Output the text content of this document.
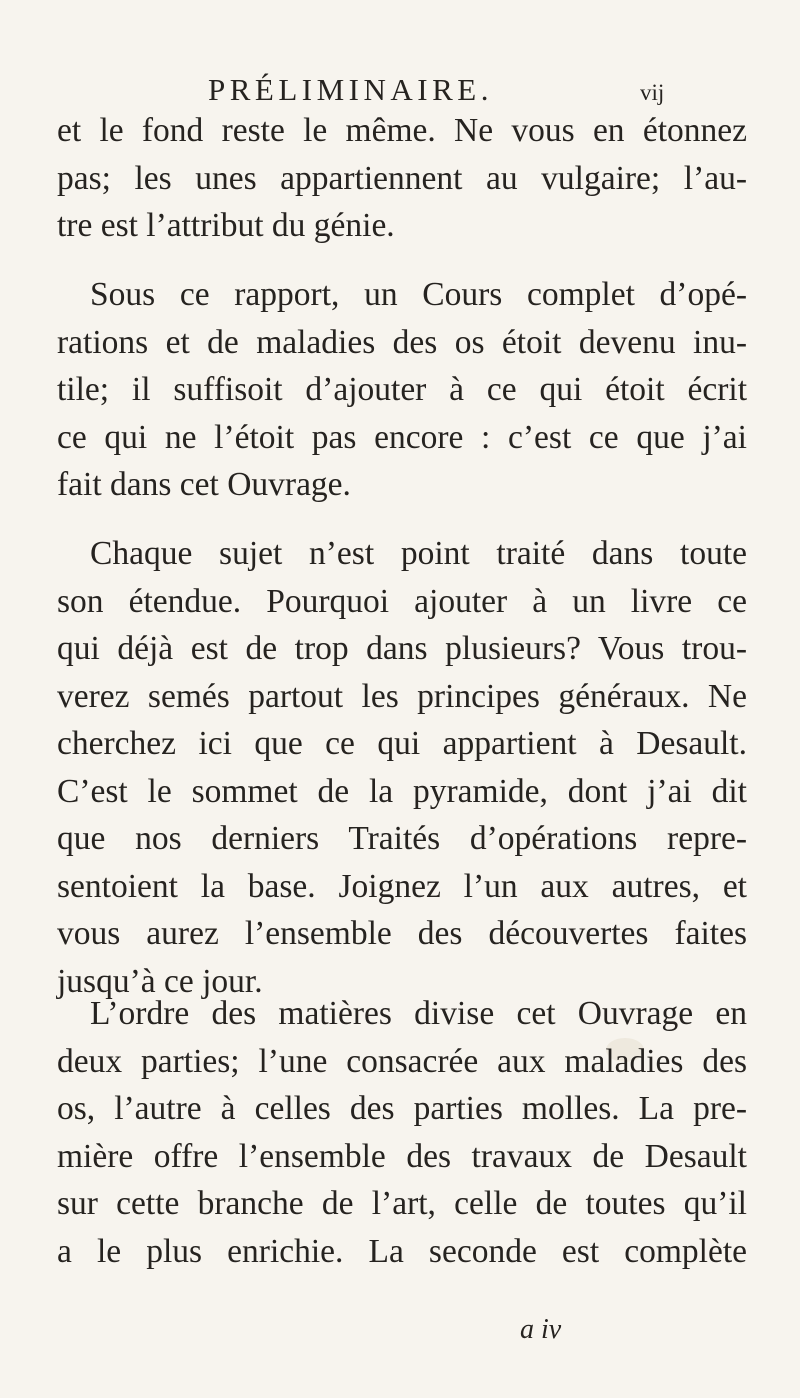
PRÉLIMINAIRE.	vij
et le fond reste le même. Ne vous en étonnez
pas; les unes appartiennent au vulgaire; l’au-
tre est l’attribut du génie.
Sous ce rapport, un Cours complet d’opé-
rations et de maladies des os étoit devenu inu-
tile; il suffisoit d’ajouter à ce qui étoit écrit
ce qui ne l’étoit pas encore : c’est ce que j’ai
fait dans cet Ouvrage.
Chaque sujet n’est point traité dans toute
son étendue. Pourquoi ajouter à un livre ce
qui déjà est de trop dans plusieurs? Vous trou-
verez semés partout les principes généraux. Ne
cherchez ici que ce qui appartient à Desault.
C’est le sommet de la pyramide, dont j’ai dit
que nos derniers Traités d’opérations repre-
sentoient la base. Joignez l’un aux autres, et
vous aurez l’ensemble des découvertes faites
jusqu’à ce jour.
L’ordre des matières divise cet Ouvrage en
deux parties; l’une consacrée aux maladies des
os, l’autre à celles des parties molles. La pre-
mière offre l’ensemble des travaux de Desault
sur cette branche de l’art, celle de toutes qu’il
a le plus enrichie. La seconde est complète
a iv
